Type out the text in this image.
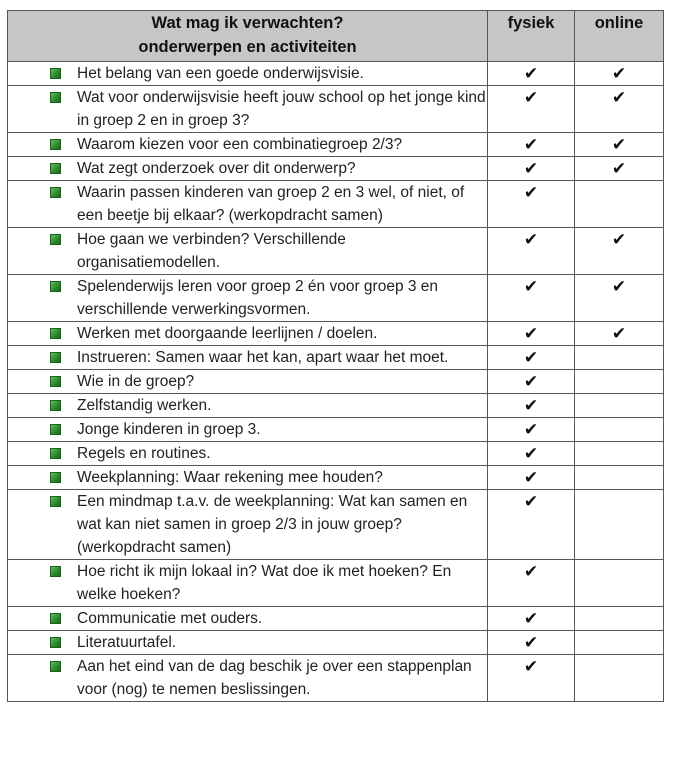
Wat mag ik verwachten?
onderwerpen en activiteiten	fysiek	online

Het belang van een goede onderwijsvisie.	✔	✔

Wat voor onderwijsvisie heeft jouw school op het jonge kind in groep 2 en in groep 3?	✔	✔

Waarom kiezen voor een combinatiegroep 2/3?	✔	✔

Wat zegt onderzoek over dit onderwerp?	✔	✔

Waarin passen kinderen van groep 2 en 3 wel, of niet, of een beetje bij elkaar? (werkopdracht samen)	✔	

Hoe gaan we verbinden? Verschillende organisatiemodellen.	✔	✔

Spelenderwijs leren voor groep 2 én voor groep 3 en verschillende verwerkingsvormen.	✔	✔

Werken met doorgaande leerlijnen / doelen.	✔	✔

Instrueren: Samen waar het kan, apart waar het moet.	✔	

Wie in de groep?	✔	

Zelfstandig werken.	✔	

Jonge kinderen in groep 3.	✔	

Regels en routines.	✔	

Weekplanning: Waar rekening mee houden?	✔	

Een mindmap t.a.v. de weekplanning: Wat kan samen en wat kan niet samen in groep 2/3 in jouw groep? (werkopdracht samen)	✔	

Hoe richt ik mijn lokaal in? Wat doe ik met hoeken? En welke hoeken?	✔	

Communicatie met ouders.	✔	

Literatuurtafel.	✔	

Aan het eind van de dag beschik je over een stappenplan voor (nog) te nemen beslissingen.	✔	
